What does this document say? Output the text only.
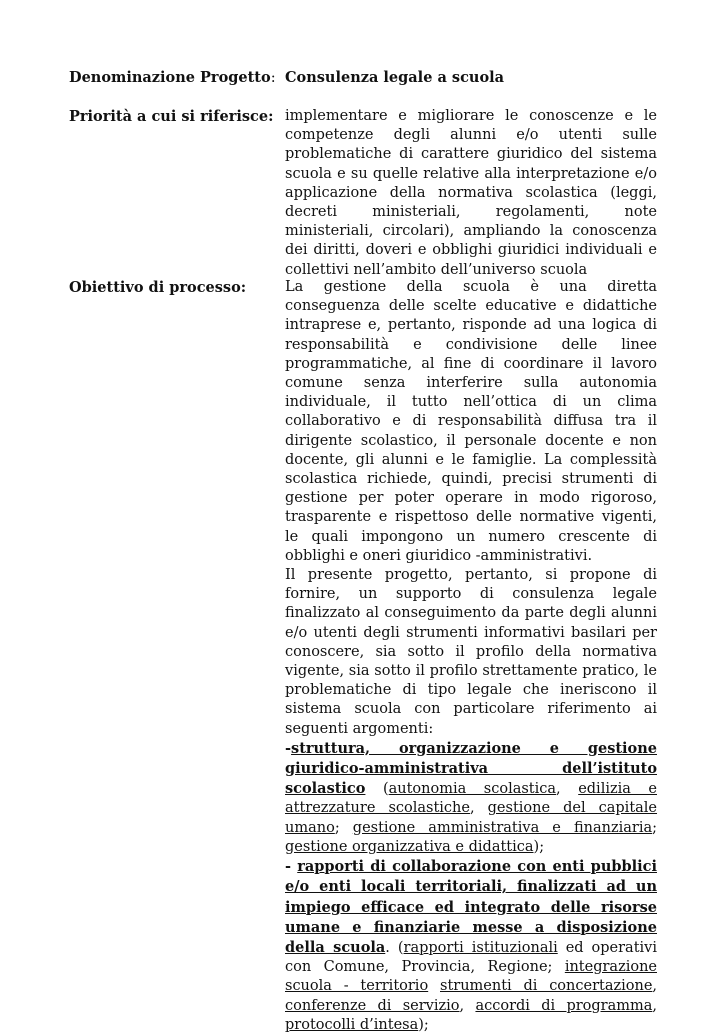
Denominazione Progetto: Consulenza legale a scuola
Priorità a cui si riferisce: implementare e migliorare le conoscenze e le competenze degli alunni e/o utenti sulle problematiche di carattere giuridico del sistema scuola e su quelle relative alla interpretazione e/o applicazione della normativa scolastica (leggi, decreti ministeriali, regolamenti, note ministeriali, circolari), ampliando la conoscenza dei diritti, doveri e obblighi giuridici individuali e collettivi nell’ambito dell’universo scuola
Obiettivo di processo:	La gestione della scuola è una diretta conseguenza delle scelte educative e didattiche intraprese e, pertanto, risponde ad una logica di responsabilità e condivisione delle linee programmatiche, al fine di coordinare il lavoro comune senza interferire sulla autonomia individuale, il tutto nell’ottica di un clima collaborativo e di responsabilità diffusa tra il dirigente scolastico, il personale docente e non docente, gli alunni e le famiglie. La complessità scolastica richiede, quindi, precisi strumenti di gestione per poter operare in modo rigoroso, trasparente e rispettoso delle normative vigenti, le quali impongono un numero crescente di obblighi e oneri giuridico -amministrativi.

Il presente progetto, pertanto, si propone di fornire, un supporto di consulenza legale finalizzato al conseguimento da parte degli alunni e/o utenti degli strumenti informativi basilari per conoscere, sia sotto il profilo della normativa vigente, sia sotto il profilo strettamente pratico, le problematiche di tipo legale che ineriscono il sistema scuola con particolare riferimento ai seguenti argomenti:

-struttura, organizzazione e gestione giuridico-amministrativa dell’istituto scolastico (autonomia scolastica, edilizia e attrezzature scolastiche, gestione del capitale umano; gestione amministrativa e finanziaria; gestione organizzativa e didattica);

- rapporti di collaborazione con enti pubblici e/o enti locali territoriali, finalizzati ad un impiego efficace ed integrato delle risorse umane e finanziarie messe a disposizione della scuola. (rapporti istituzionali ed operativi con Comune, Provincia, Regione; integrazione scuola - territorio strumenti di concertazione, conferenze di servizio, accordi di programma, protocolli d’intesa);
